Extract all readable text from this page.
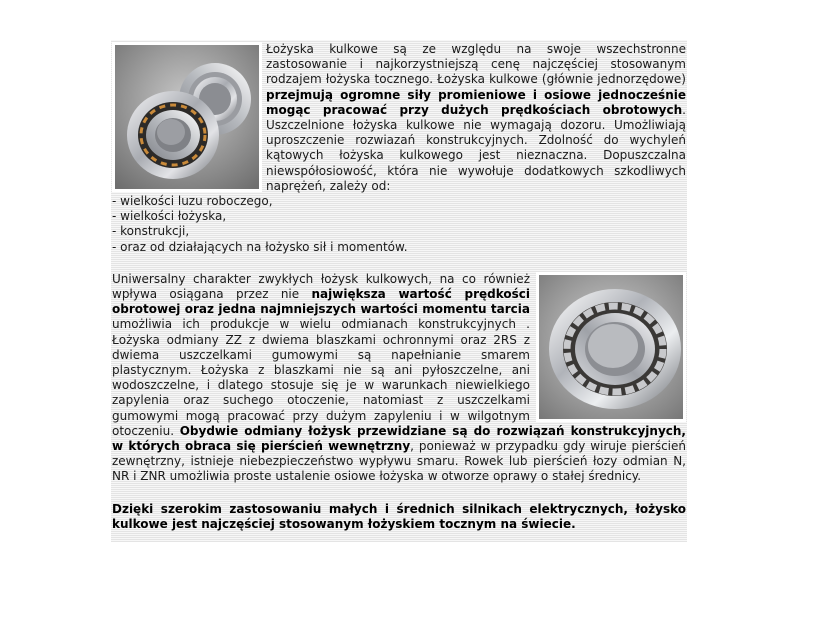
Łożyska kulkowe są ze względu na swoje wszechstronne zastosowanie i najkorzystniejszą cenę najczęściej stosowanym rodzajem łożyska tocznego. Łożyska kulkowe (główniе jednorzędowe) przejmują ogromne siły promieniowe i osiowe jednocześnie mogąc pracować przy dużych prędkościach obrotowych. Uszczelnione łożyska kulkowe nie wymagają dozoru. Umożliwiają uproszczenie rozwiazań konstrukcyjnych. Zdolność do wychyleń kątowych łożyska kulkowego jest nieznaczna. Dopuszczalna niewspółosiowość, która nie wywołuje dodatkowych szkodliwych naprężeń, zależy od:

- wielkości luzu roboczego,
- wielkości łożyska,
- konstrukcji,
- oraz od działających na łożysko sił i momentów.

Uniwersalny charakter zwykłych łożysk kulkowych, na co również wpływa osiągana przez nie największa wartość prędkości obrotowej oraz jedna najmniejszych wartości momentu tarcia umożliwia ich produkcje w wielu odmianach konstrukcyjnych . Łożyska odmiany ZZ z dwiema blaszkami ochronnymi oraz 2RS z dwiema uszczelkami gumowymi są napełnianie smarem plastycznym. Łożyska z blaszkami nie są ani pyłoszczelne, ani wodoszczelne, i dlatego stosuje się je w warunkach niewielkiego zapylenia oraz suchego otoczenie, natomiast z uszczelkami gumowymi mogą pracować przy dużym zapyleniu i w wilgotnym otoczeniu. Obydwie odmiany łożysk przewidziane są do rozwiązań konstrukcyjnych, w których obraca się pierścień wewnętrzny, ponieważ w przypadku gdy wiruje pierścień zewnętrzny, istnieje niebezpieczeństwo wypływu smaru. Rowek lub pierścień łozy odmian N, NR i ZNR umożliwia proste ustalenie osiowe łożyska w otworze oprawy o stałej średnicy.

Dzięki szerokim zastosowaniu małych i średnich silnikach elektrycznych, łożysko kulkowe jest najczęściej stosowanym łożyskiem tocznym na świecie.
